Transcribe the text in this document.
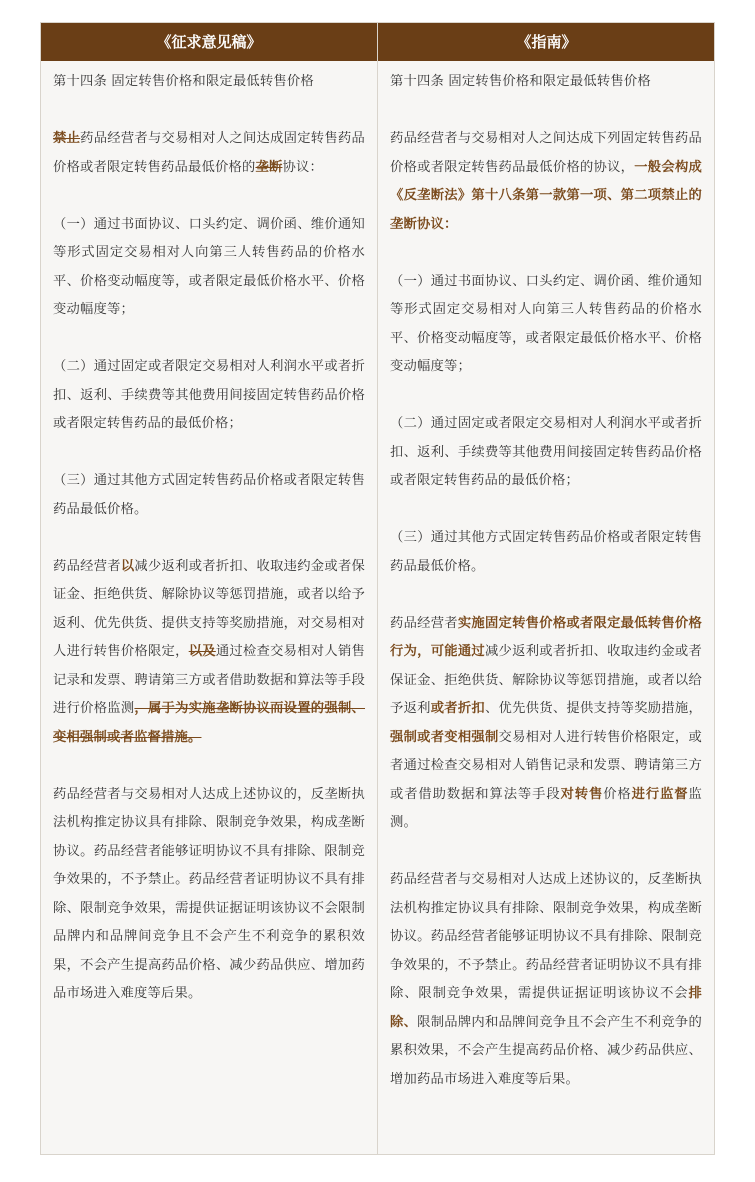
《征求意见稿》	《指南》

第十四条 固定转售价格和限定最低转售价格

禁止药品经营者与交易相对人之间达成固定转售药品价格或者限定转售药品最低价格的垄断协议：

（一）通过书面协议、口头约定、调价函、维价通知等形式固定交易相对人向第三人转售药品的价格水平、价格变动幅度等，或者限定最低价格水平、价格变动幅度等；

（二）通过固定或者限定交易相对人利润水平或者折扣、返利、手续费等其他费用间接固定转售药品价格或者限定转售药品的最低价格；

（三）通过其他方式固定转售药品价格或者限定转售药品最低价格。

药品经营者以减少返利或者折扣、收取违约金或者保证金、拒绝供货、解除协议等惩罚措施，或者以给予返利、优先供货、提供支持等奖励措施，对交易相对人进行转售价格限定，以及通过检查交易相对人销售记录和发票、聘请第三方或者借助数据和算法等手段进行价格监测，属于为实施垄断协议而设置的强制、变相强制或者监督措施。

药品经营者与交易相对人达成上述协议的，反垄断执法机构推定协议具有排除、限制竞争效果，构成垄断协议。药品经营者能够证明协议不具有排除、限制竞争效果的，不予禁止。药品经营者证明协议不具有排除、限制竞争效果，需提供证据证明该协议不会限制品牌内和品牌间竞争且不会产生不利竞争的累积效果，不会产生提高药品价格、减少药品供应、增加药品市场进入难度等后果。

第十四条 固定转售价格和限定最低转售价格

药品经营者与交易相对人之间达成下列固定转售药品价格或者限定转售药品最低价格的协议，一般会构成《反垄断法》第十八条第一款第一项、第二项禁止的垄断协议：

（一）通过书面协议、口头约定、调价函、维价通知等形式固定交易相对人向第三人转售药品的价格水平、价格变动幅度等，或者限定最低价格水平、价格变动幅度等；

（二）通过固定或者限定交易相对人利润水平或者折扣、返利、手续费等其他费用间接固定转售药品价格或者限定转售药品的最低价格；

（三）通过其他方式固定转售药品价格或者限定转售药品最低价格。

药品经营者实施固定转售价格或者限定最低转售价格行为，可能通过减少返利或者折扣、收取违约金或者保证金、拒绝供货、解除协议等惩罚措施，或者以给予返利或者折扣、优先供货、提供支持等奖励措施，强制或者变相强制交易相对人进行转售价格限定，或者通过检查交易相对人销售记录和发票、聘请第三方或者借助数据和算法等手段对转售价格进行监督监测。

药品经营者与交易相对人达成上述协议的，反垄断执法机构推定协议具有排除、限制竞争效果，构成垄断协议。药品经营者能够证明协议不具有排除、限制竞争效果的，不予禁止。药品经营者证明协议不具有排除、限制竞争效果，需提供证据证明该协议不会排除、限制品牌内和品牌间竞争且不会产生不利竞争的累积效果，不会产生提高药品价格、减少药品供应、增加药品市场进入难度等后果。
